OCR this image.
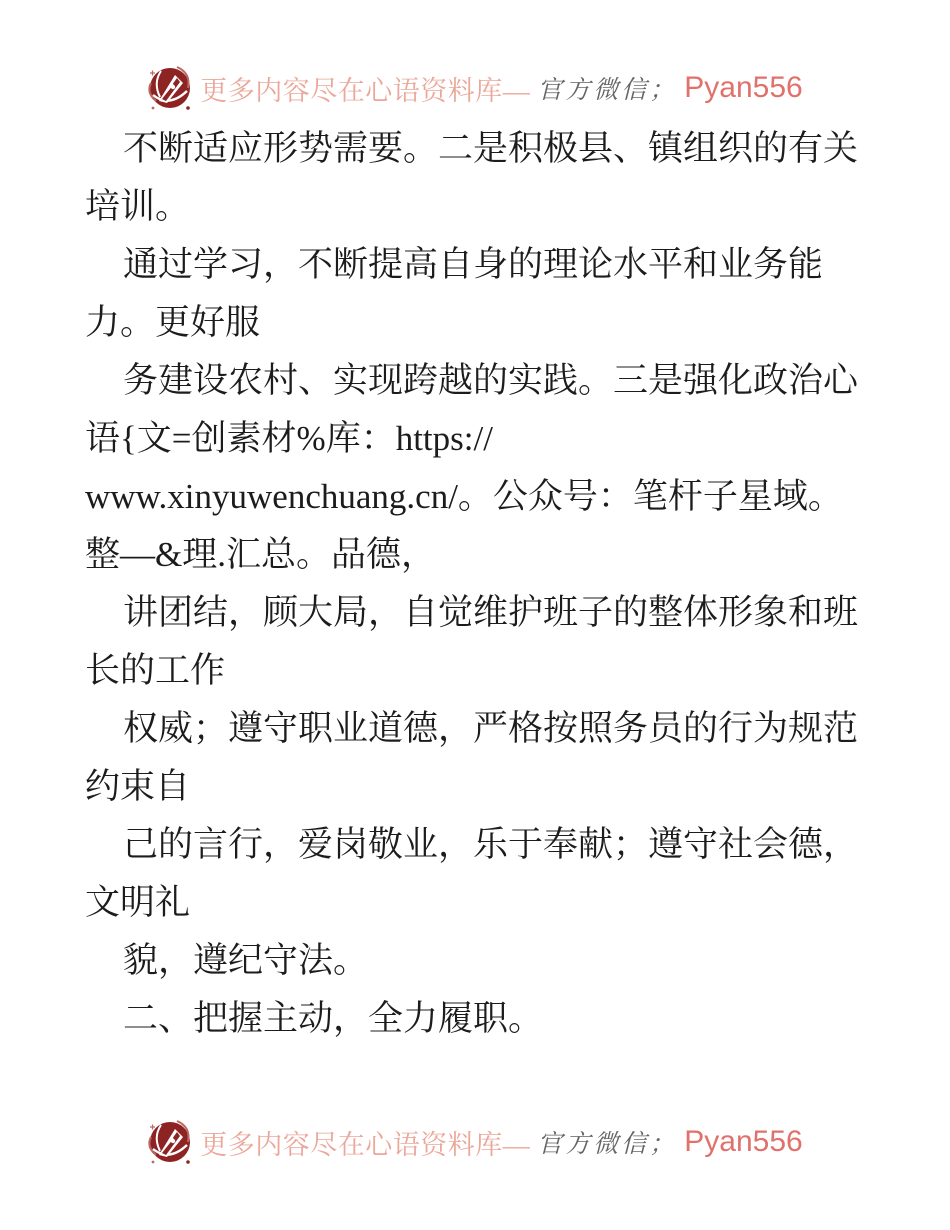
更多内容尽在心语资料库— 官方微信； Pyan556
不断适应形势需要。二是积极县、镇组织的有关
培训。
通过学习，不断提高自身的理论水平和业务能
力。更好服
务建设农村、实现跨越的实践。三是强化政治心
语{文=创素材%库：https://
www.xinyuwenchuang.cn/。公众号：笔杆子星域。
整—&理.汇总。品德，
讲团结，顾大局，自觉维护班子的整体形象和班
长的工作
权威；遵守职业道德，严格按照务员的行为规范
约束自
己的言行，爱岗敬业，乐于奉献；遵守社会德，
文明礼
貌，遵纪守法。
二、把握主动，全力履职。
更多内容尽在心语资料库— 官方微信； Pyan556
